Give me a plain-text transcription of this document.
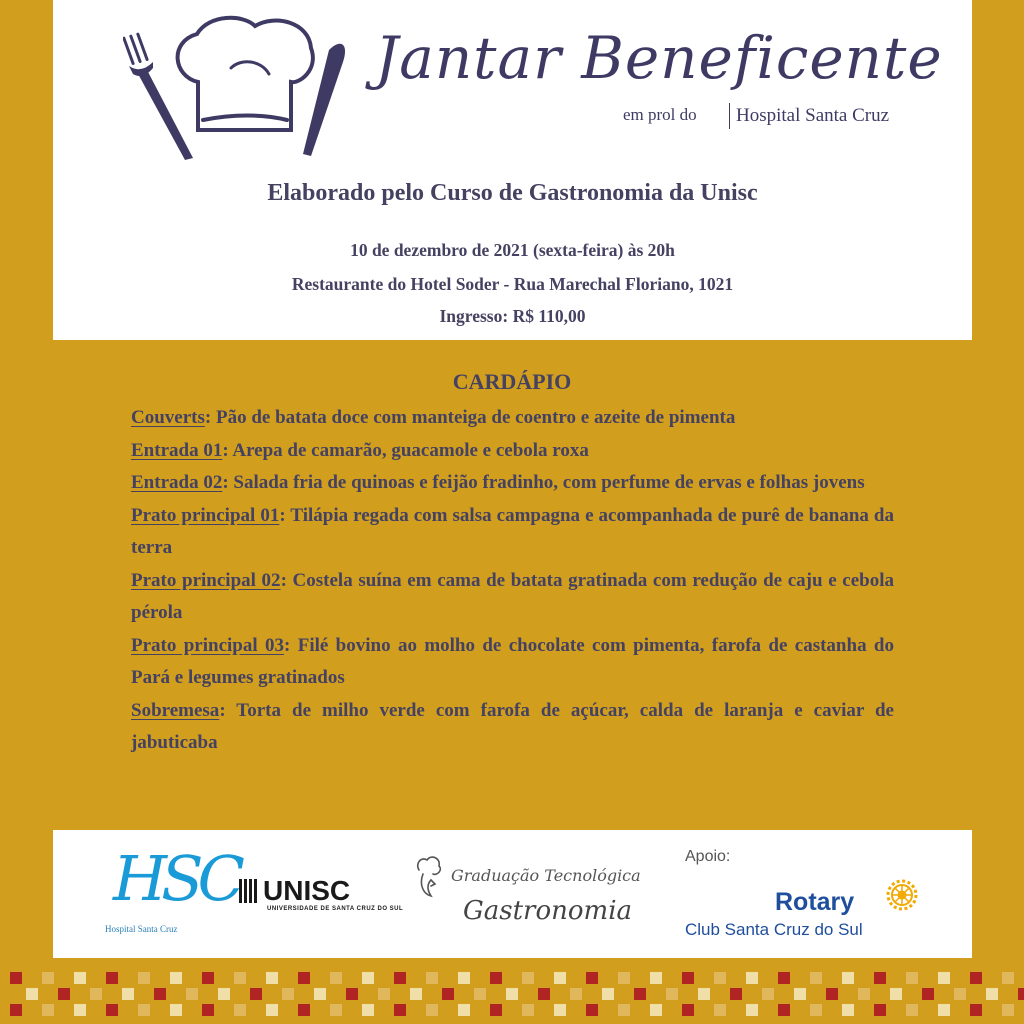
Jantar Beneficente
em prol do	Hospital Santa Cruz
Elaborado pelo Curso de Gastronomia da Unisc
10 de dezembro de 2021 (sexta-feira) às 20h
Restaurante do Hotel Soder - Rua Marechal Floriano, 1021
Ingresso: R$ 110,00
CARDÁPIO
Couverts: Pão de batata doce com manteiga de coentro e azeite de pimenta
Entrada 01: Arepa de camarão, guacamole e cebola roxa
Entrada 02: Salada fria de quinoas e feijão fradinho, com perfume de ervas e folhas jovens
Prato principal 01: Tilápia regada com salsa campagna e acompanhada de purê de banana da terra
Prato principal 02: Costela suína em cama de batata gratinada com redução de caju e cebola pérola
Prato principal 03: Filé bovino ao molho de chocolate com pimenta, farofa de castanha do Pará e legumes gratinados
Sobremesa: Torta de milho verde com farofa de açúcar, calda de laranja e caviar de jabuticaba
HSC
Hospital Santa Cruz
UNISC
UNIVERSIDADE DE SANTA CRUZ DO SUL
Graduação Tecnológica
Gastronomia
Apoio:
Rotary
Club Santa Cruz do Sul
